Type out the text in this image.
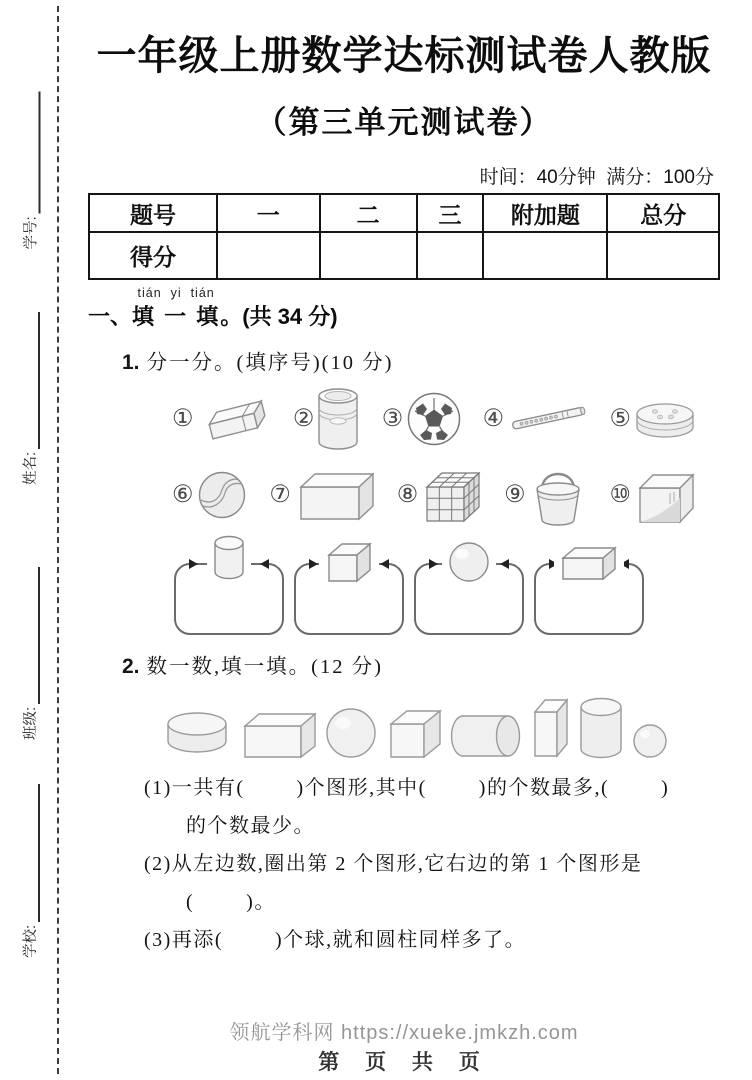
学号:
姓名:
班级:
学校:
一年级上册数学达标测试卷人教版
（第三单元测试卷）
时间：40分钟  满分：100分
题号	一	二	三	附加题	总分
得分					
一、
tián  yi  tián
填 一 填 。(共 34 分)
1. 分一分。(填序号)(10 分)
①	②	③	④	⑤
⑥	⑦	⑧	⑨	⑩
2. 数一数,填一填。(12 分)
(1)一共有(        )个图形,其中(        )的个数最多,(        )
的个数最少。
(2)从左边数,圈出第 2 个图形,它右边的第 1 个图形是
(        )。
(3)再添(        )个球,就和圆柱同样多了。
领航学科网 https://xueke.jmkzh.com
第 页 共 页
